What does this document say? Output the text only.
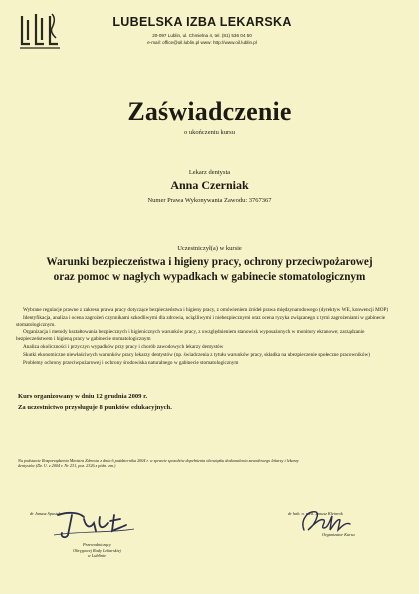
LUBELSKA IZBA LEKARSKA

20-097 Lublin, ul. Chmielna 4, tel. (81) 536 04 50

e-mail: office@oil.lublin.pl www: http://www.oil.lublin.pl

Zaświadczenie

o ukończeniu kursu

Lekarz dentysta

Anna Czerniak

Numer Prawa Wykonywania Zawodu: 3767367

Uczestniczył(a) w kursie

Warunki bezpieczeństwa i higieny pracy, ochrony przeciwpożarowej
oraz pomoc w nagłych wypadkach w gabinecie stomatologicznym
Wybrane regulacje prawne z zakresu prawa pracy dotyczące bezpieczeństwa i higieny pracy, z omówieniem źródeł prawa międzynarodowego (dyrektyw WE, konwencji MOP)
Identyfikacja, analiza i ocena zagrożeń czynnikami szkodliwymi dla zdrowia, uciążliwymi i niebezpiecznymi oraz ocena ryzyka związanego z tymi zagrożeniami w gabinecie stomatologicznym.
Organizacja i metody kształtowania bezpiecznych i higienicznych warunków pracy, z uwzględnieniem stanowisk wyposażonych w monitory ekranowe; zarządzanie bezpieczeństwem i higieną pracy w gabinecie stomatologicznym
Analiza okoliczności i przyczyn wypadków przy pracy i chorób zawodowych lekarzy dentystów
Skutki ekonomiczne niewłaściwych warunków pracy lekarzy dentystów (np. świadczenia z tytułu warunków pracy, składka na ubezpieczenie społeczne pracowników)
Problemy ochrony przeciwpożarowej i ochrony środowiska naturalnego w gabinecie stomatologicznym

Kurs organizowany w dniu 12 grudnia 2009 r.

Za uczestnictwo przysługuje 8 punktów edukacyjnych.

Na podstawie Rozporządzenia Ministra Zdrowia z dnia 6 października 2004 r. w sprawie sposobów dopełnienia obowiązku doskonalenia zawodowego lekarzy i lekarzy
dentystów (Dz. U. z 2004 r. Nr 231, poz. 2326 z późn. zm.)

dr Janusz Spustek

Przewodniczący
Okręgowej Rady Lekarskiej
w Lublinie

dr hab. n. med. Janusz Kleinrok

Organizator Kursu
